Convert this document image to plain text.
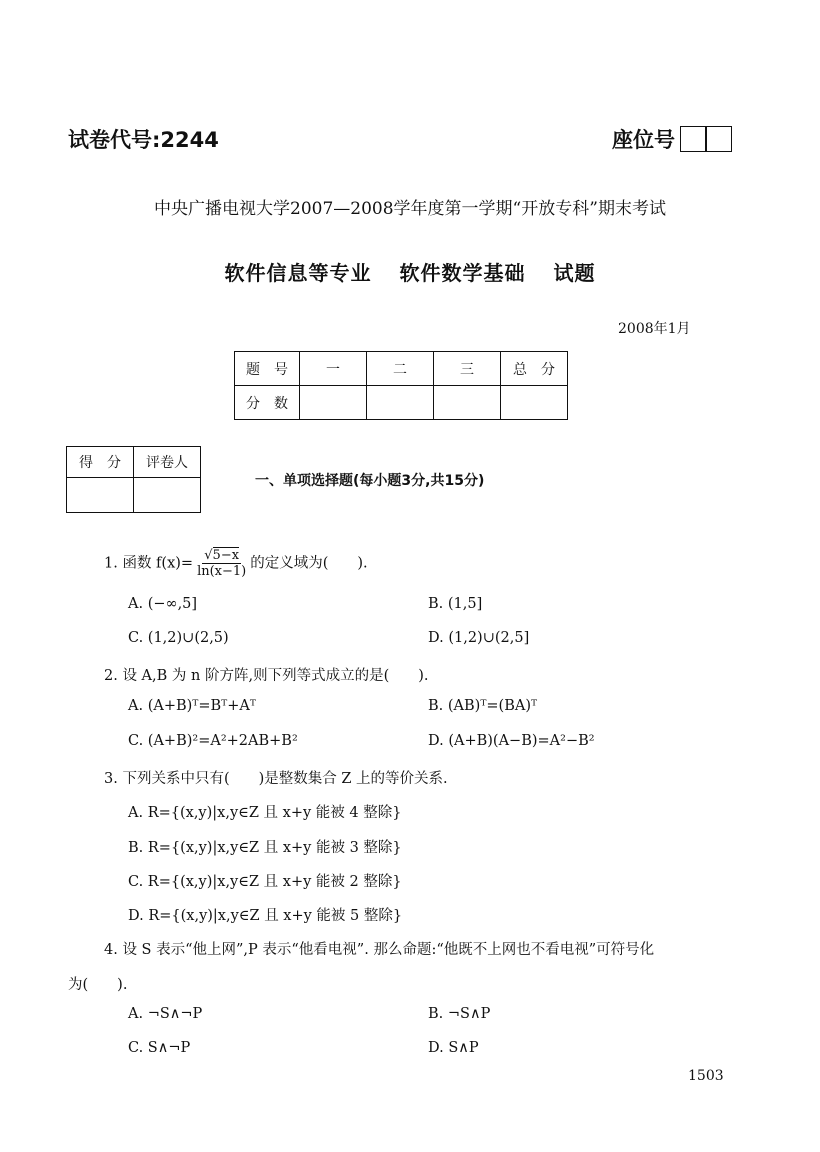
试卷代号:2244	座位号
中央广播电视大学2007—2008学年度第一学期“开放专科”期末考试
软件信息等专业 软件数学基础 试题
2008年1月
题　号	一	二	三	总　分
分　数				
得　分	评卷人

一、单项选择题(每小题3分,共15分)
1. 函数 $f(x)= \frac{√5-x}{\ln(x-1)}$ 的定义域为(　　).
A. (−∞,5]	B. (1,5]
C. (1,2)∪(2,5)	D. (1,2)∪(2,5]
2. 设 A,B 为 n 阶方阵,则下列等式成立的是(　　).
A. (A+B)ᵀ=Bᵀ+Aᵀ	B. (AB)ᵀ=(BA)ᵀ
C. (A+B)²=A²+2AB+B²	D. (A+B)(A−B)=A²−B²
3. 下列关系中只有(　　)是整数集合 Z 上的等价关系.
A. R={(x,y)|x,y∈Z 且 x+y 能被 4 整除}
B. R={(x,y)|x,y∈Z 且 x+y 能被 3 整除}
C. R={(x,y)|x,y∈Z 且 x+y 能被 2 整除}
D. R={(x,y)|x,y∈Z 且 x+y 能被 5 整除}
4. 设 S 表示“他上网”,P 表示“他看电视”. 那么命题:“他既不上网也不看电视”可符号化
为(　　).
A. ¬S∧¬P	B. ¬S∧P
C. S∧¬P	D. S∧P
1503
